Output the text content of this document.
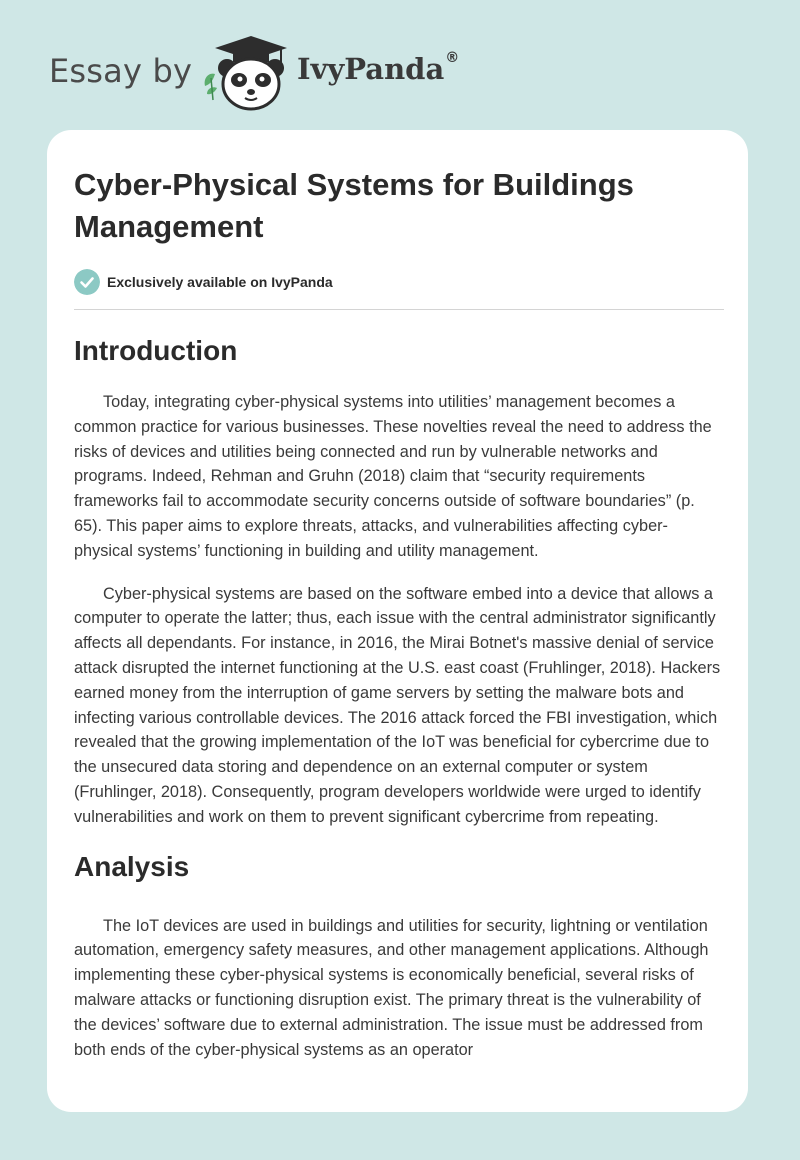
Essay by	IvyPanda®
Cyber-Physical Systems for Buildings Management
Exclusively available on IvyPanda
Introduction

Today, integrating cyber-physical systems into utilities’ management becomes a common practice for various businesses. These novelties reveal the need to address the risks of devices and utilities being connected and run by vulnerable networks and programs. Indeed, Rehman and Gruhn (2018) claim that “security requirements frameworks fail to accommodate security concerns outside of software boundaries” (p. 65). This paper aims to explore threats, attacks, and vulnerabilities affecting cyber-physical systems’ functioning in building and utility management.

Cyber-physical systems are based on the software embed into a device that allows a computer to operate the latter; thus, each issue with the central administrator significantly affects all dependants. For instance, in 2016, the Mirai Botnet's massive denial of service attack disrupted the internet functioning at the U.S. east coast (Fruhlinger, 2018). Hackers earned money from the interruption of game servers by setting the malware bots and infecting various controllable devices. The 2016 attack forced the FBI investigation, which revealed that the growing implementation of the IoT was beneficial for cybercrime due to the unsecured data storing and dependence on an external computer or system (Fruhlinger, 2018). Consequently, program developers worldwide were urged to identify vulnerabilities and work on them to prevent significant cybercrime from repeating.

Analysis

The IoT devices are used in buildings and utilities for security, lightning or ventilation automation, emergency safety measures, and other management applications. Although implementing these cyber-physical systems is economically beneficial, several risks of malware attacks or functioning disruption exist. The primary threat is the vulnerability of the devices’ software due to external administration. The issue must be addressed from both ends of the cyber-physical systems as an operator
